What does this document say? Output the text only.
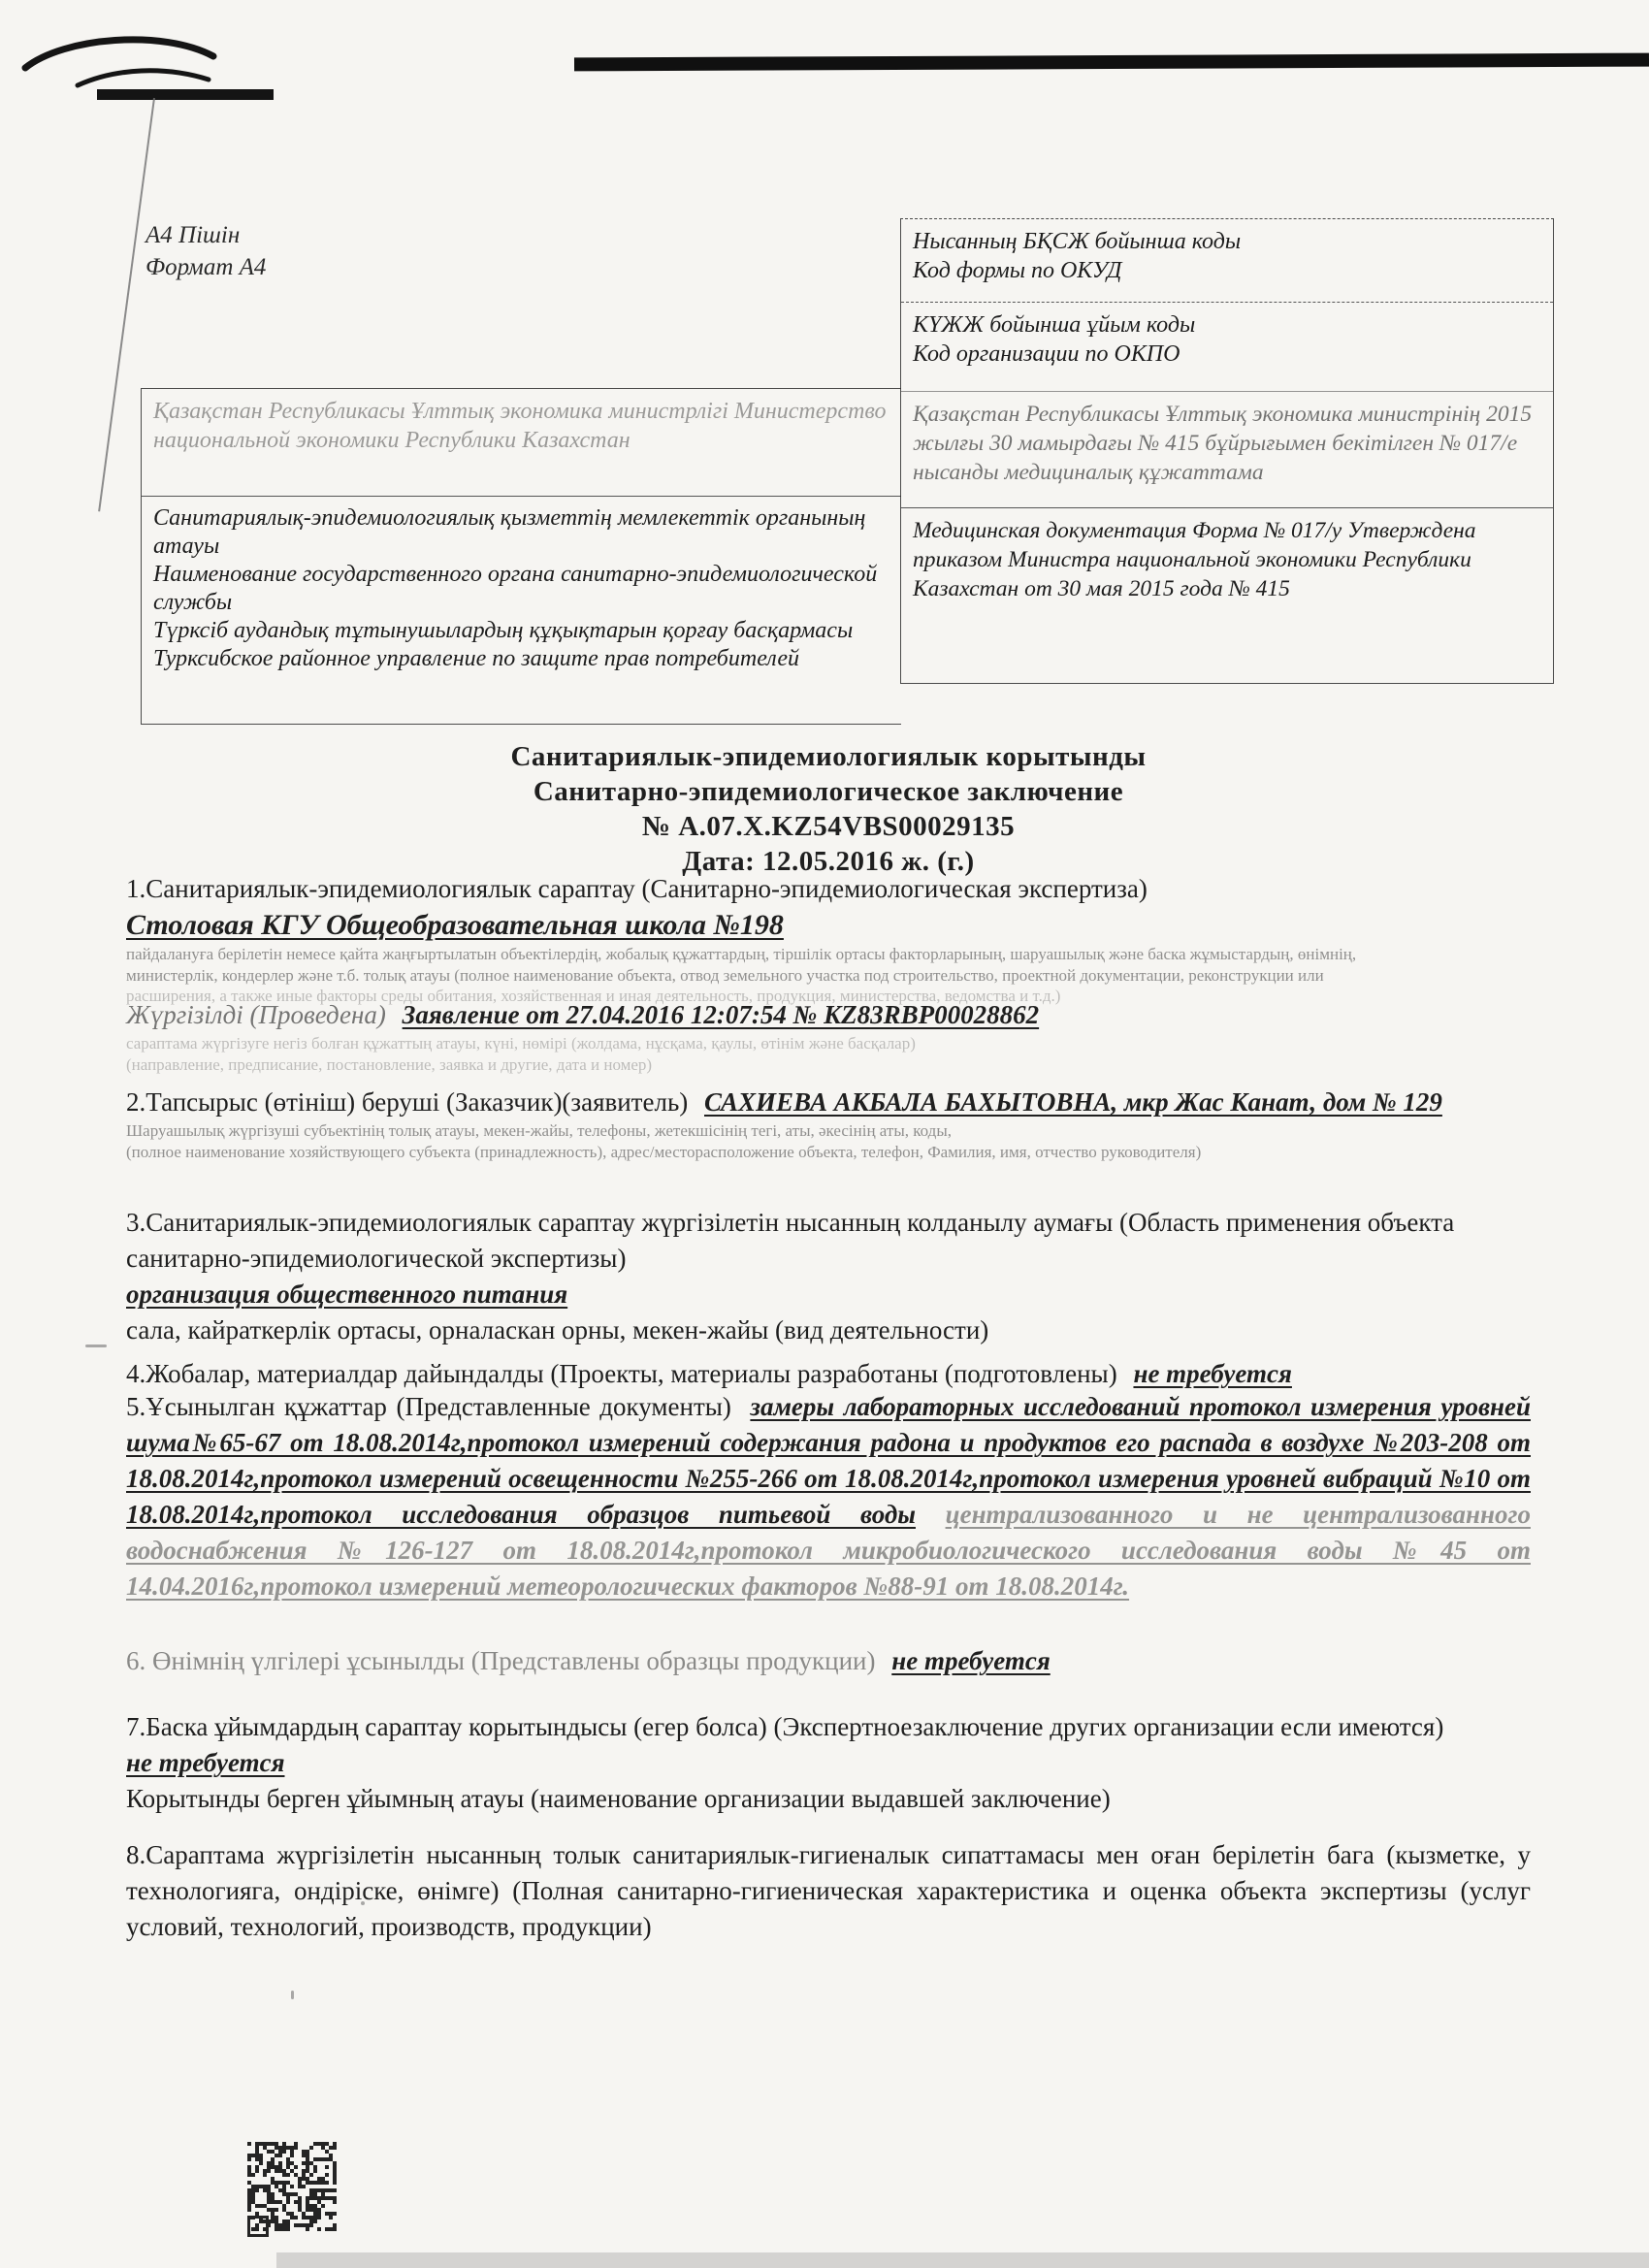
А4 Пішін
Формат А4
Нысанның БҚСЖ бойынша коды
Код формы по ОКУД
КҮЖЖ бойынша ұйым коды
Код организации по ОКПО
Қазақстан Республикасы Ұлттық экономика министрінің 2015 жылғы 30 мамырдағы № 415 бұйрығымен бекітілген № 017/е нысанды медициналық құжаттама
Медицинская документация Форма № 017/у Утверждена приказом Министра национальной экономики Республики Казахстан от 30 мая 2015 года № 415
Қазақстан Республикасы Ұлттық экономика министрлігі Министерство национальной экономики Республики Казахстан
Санитариялық-эпидемиологиялық қызметтің мемлекеттік органының атауы
Наименование государственного органа санитарно-эпидемиологической службы
Түрксіб аудандық тұтынушылардың құқықтарын қорғау басқармасы
Турксибское районное управление по защите прав потребителей
Санитариялык-эпидемиологиялык корытынды
Санитарно-эпидемиологическое заключение
№ А.07.Х.KZ54VBS00029135
Дата: 12.05.2016 ж. (г.)
1.Санитариялык-эпидемиологиялык сараптау (Санитарно-эпидемиологическая экспертиза)
Столовая КГУ Общеобразовательная школа №198
пайдалануға берілетін немесе қайта жаңғыртылатын объектілердің, жобалық құжаттардың, тіршілік ортасы факторларының, шаруашылық және баска жұмыстардың, өнімнің,
министерлік, кондерлер және т.б. толық атауы (полное наименование объекта, отвод земельного участка под строительство, проектной документации, реконструкции или
расширения, а также иные факторы среды обитания, хозяйственная и иная деятельность, продукция, министерства, ведомства и т.д.)
Жүргізілді (Проведена) Заявление от 27.04.2016 12:07:54 № KZ83RBP00028862
сараптама жүргізуге негіз болған құжаттың атауы, күні, нөмірі (жолдама, нұсқама, қаулы, өтінім және басқалар)
(направление, предписание, постановление, заявка и другие, дата и номер)
2.Тапсырыс (өтініш) беруші (Заказчик)(заявитель) САХИЕВА АКБАЛА БАХЫТОВНА, мкр Жас Канат, дом № 129
Шаруашылық жүргізуші субъектінің толық атауы, мекен-жайы, телефоны, жетекшісінің тегі, аты, әкесінің аты, коды,
(полное наименование хозяйствующего субъекта (принадлежность), адрес/месторасположение объекта, телефон, Фамилия, имя, отчество руководителя)
3.Санитариялык-эпидемиологиялык сараптау жүргізілетін нысанның колданылу аумағы (Область применения объекта санитарно-эпидемиологической экспертизы)
организация общественного питания
сала, кайраткерлік ортасы, орналаскан орны, мекен-жайы (вид деятельности)
4.Жобалар, материалдар дайындалды (Проекты, материалы разработаны (подготовлены) не требуется
5.Ұсынылган құжаттар (Представленные документы) замеры лабораторных исследований протокол измерения уровней шума№65-67 от 18.08.2014г,протокол измерений содержания радона и продуктов его распада в воздухе №203-208 от 18.08.2014г,протокол измерений освещенности №255-266 от 18.08.2014г,протокол измерения уровней вибраций №10 от 18.08.2014г,протокол исследования образцов питьевой воды централизованного и не централизованного водоснабжения №126-127 от 18.08.2014г,протокол микробиологического исследования воды №45 от 14.04.2016г,протокол измерений метеорологических факторов №88-91 от 18.08.2014г.
6. Өнімнің үлгілері ұсынылды (Представлены образцы продукции) не требуется
7.Баска ұйымдардың сараптау корытындысы (егер болса) (Экспертноезаключение других организации если имеются)
не требуется
Корытынды берген ұйымның атауы (наименование организации выдавшей заключение)
8.Сараптама жүргізілетін нысанның толык санитариялык-гигиеналык сипаттамасы мен оған берілетін бага (кызметке, у технологияга, ондіріске, өнімге) (Полная санитарно-гигиеническая характеристика и оценка объекта экспертизы (услуг условий, технологий, производств, продукции)
